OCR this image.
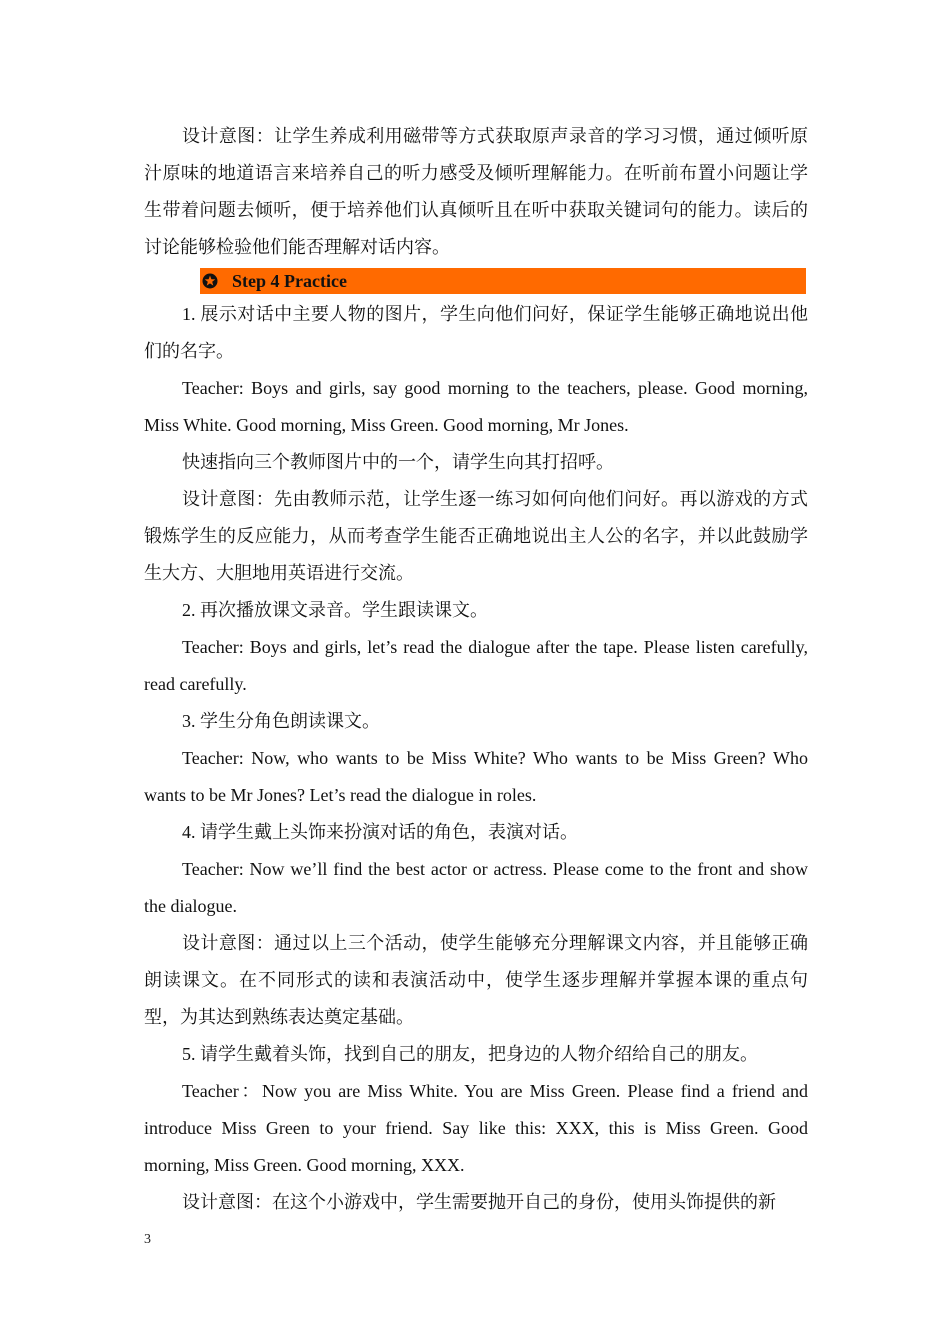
设计意图：让学生养成利用磁带等方式获取原声录音的学习习惯，通过倾听原汁原味的地道语言来培养自己的听力感受及倾听理解能力。在听前布置小问题让学生带着问题去倾听，便于培养他们认真倾听且在听中获取关键词句的能力。读后的讨论能够检验他们能否理解对话内容。

Step 4 Practice

1. 展示对话中主要人物的图片，学生向他们问好，保证学生能够正确地说出他们的名字。

Teacher: Boys and girls, say good morning to the teachers, please. Good morning, Miss White. Good morning, Miss Green. Good morning, Mr Jones.

快速指向三个教师图片中的一个，请学生向其打招呼。

设计意图：先由教师示范，让学生逐一练习如何向他们问好。再以游戏的方式锻炼学生的反应能力，从而考查学生能否正确地说出主人公的名字，并以此鼓励学生大方、大胆地用英语进行交流。

2. 再次播放课文录音。学生跟读课文。

Teacher: Boys and girls, let’s read the dialogue after the tape. Please listen carefully, read carefully.

3. 学生分角色朗读课文。

Teacher: Now, who wants to be Miss White? Who wants to be Miss Green? Who wants to be Mr Jones? Let’s read the dialogue in roles.

4. 请学生戴上头饰来扮演对话的角色，表演对话。

Teacher: Now we’ll find the best actor or actress. Please come to the front and show the dialogue.

设计意图：通过以上三个活动，使学生能够充分理解课文内容，并且能够正确朗读课文。在不同形式的读和表演活动中，使学生逐步理解并掌握本课的重点句型，为其达到熟练表达奠定基础。

5. 请学生戴着头饰，找到自己的朋友，把身边的人物介绍给自己的朋友。

Teacher：Now you are Miss White. You are Miss Green. Please find a friend and introduce Miss Green to your friend. Say like this: XXX, this is Miss Green. Good morning, Miss Green. Good morning, XXX.

设计意图：在这个小游戏中，学生需要抛开自己的身份，使用头饰提供的新

3
